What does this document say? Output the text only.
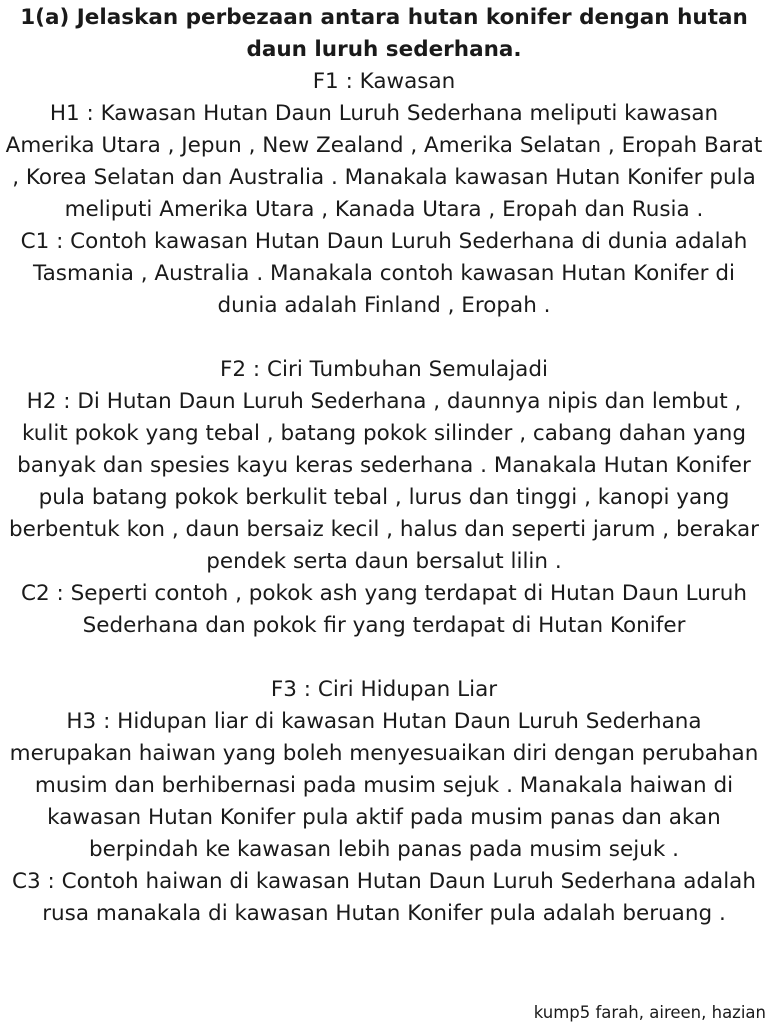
1(a) Jelaskan perbezaan antara hutan konifer dengan hutan daun luruh sederhana.

F1 : Kawasan

H1 : Kawasan Hutan Daun Luruh Sederhana meliputi kawasan Amerika Utara , Jepun , New Zealand , Amerika Selatan , Eropah Barat , Korea Selatan dan Australia . Manakala kawasan Hutan Konifer pula meliputi Amerika Utara , Kanada Utara , Eropah dan Rusia .

C1 : Contoh kawasan Hutan Daun Luruh Sederhana di dunia adalah Tasmania , Australia . Manakala contoh kawasan Hutan Konifer di dunia adalah Finland , Eropah .

F2 : Ciri Tumbuhan Semulajadi

H2 : Di Hutan Daun Luruh Sederhana , daunnya nipis dan lembut , kulit pokok yang tebal , batang pokok silinder , cabang dahan yang banyak dan spesies kayu keras sederhana . Manakala Hutan Konifer pula batang pokok berkulit tebal , lurus dan tinggi , kanopi yang berbentuk kon , daun bersaiz kecil , halus dan seperti jarum , berakar pendek serta daun bersalut lilin .

C2 : Seperti contoh , pokok ash yang terdapat di Hutan Daun Luruh Sederhana dan pokok fir yang terdapat di Hutan Konifer

F3 : Ciri Hidupan Liar

H3 : Hidupan liar di kawasan Hutan Daun Luruh Sederhana merupakan haiwan yang boleh menyesuaikan diri dengan perubahan musim dan berhibernasi pada musim sejuk . Manakala haiwan di kawasan Hutan Konifer pula aktif pada musim panas dan akan berpindah ke kawasan lebih panas pada musim sejuk .

C3 : Contoh haiwan di kawasan Hutan Daun Luruh Sederhana adalah rusa manakala di kawasan Hutan Konifer pula adalah beruang .

kump5 farah, aireen, hazian
